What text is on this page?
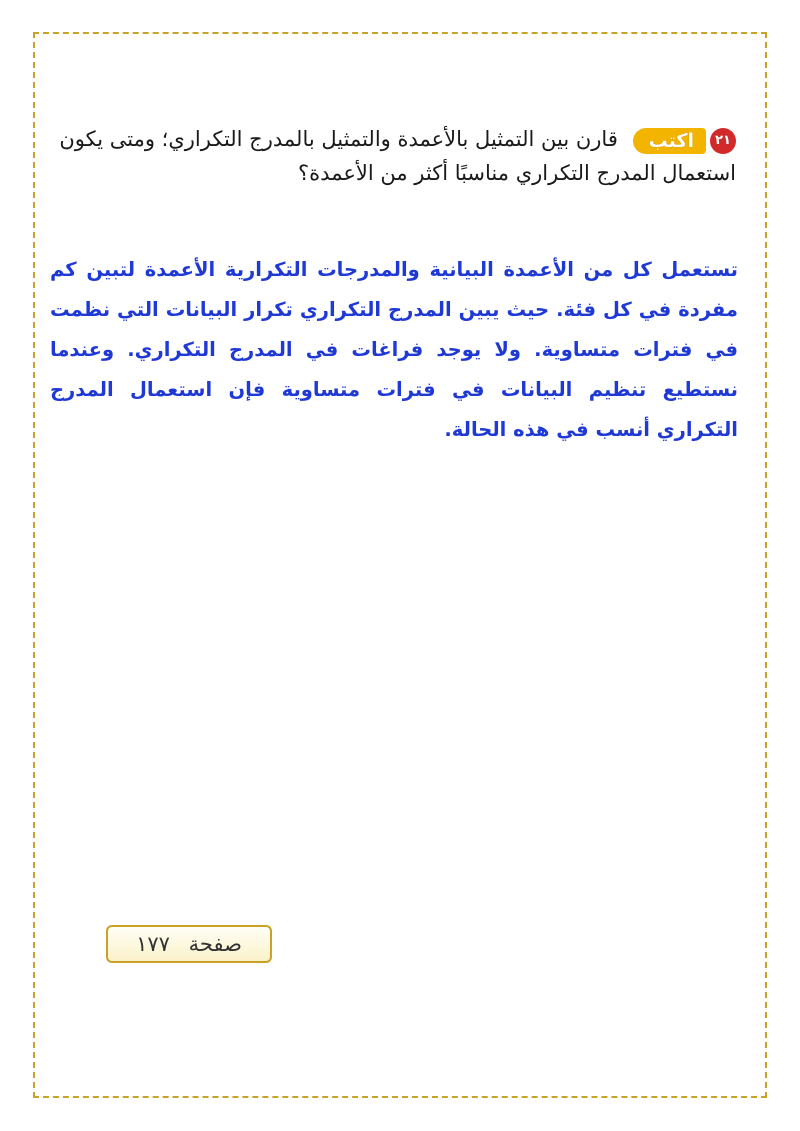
٢١اكتب قارن بين التمثيل بالأعمدة والتمثيل بالمدرج التكراري؛ ومتى يكون استعمال المدرج التكراري مناسبًا أكثر من الأعمدة؟
تستعمل كل من الأعمدة البيانية والمدرجات التكرارية الأعمدة لتبين كم مفردة في كل فئة. حيث يبين المدرج التكراري تكرار البيانات التي نظمت في فترات متساوية. ولا يوجد فراغات في المدرج التكراري. وعندما نستطيع تنظيم البيانات في فترات متساوية فإن استعمال المدرج التكراري أنسب في هذه الحالة.
صفحة ١٧٧
